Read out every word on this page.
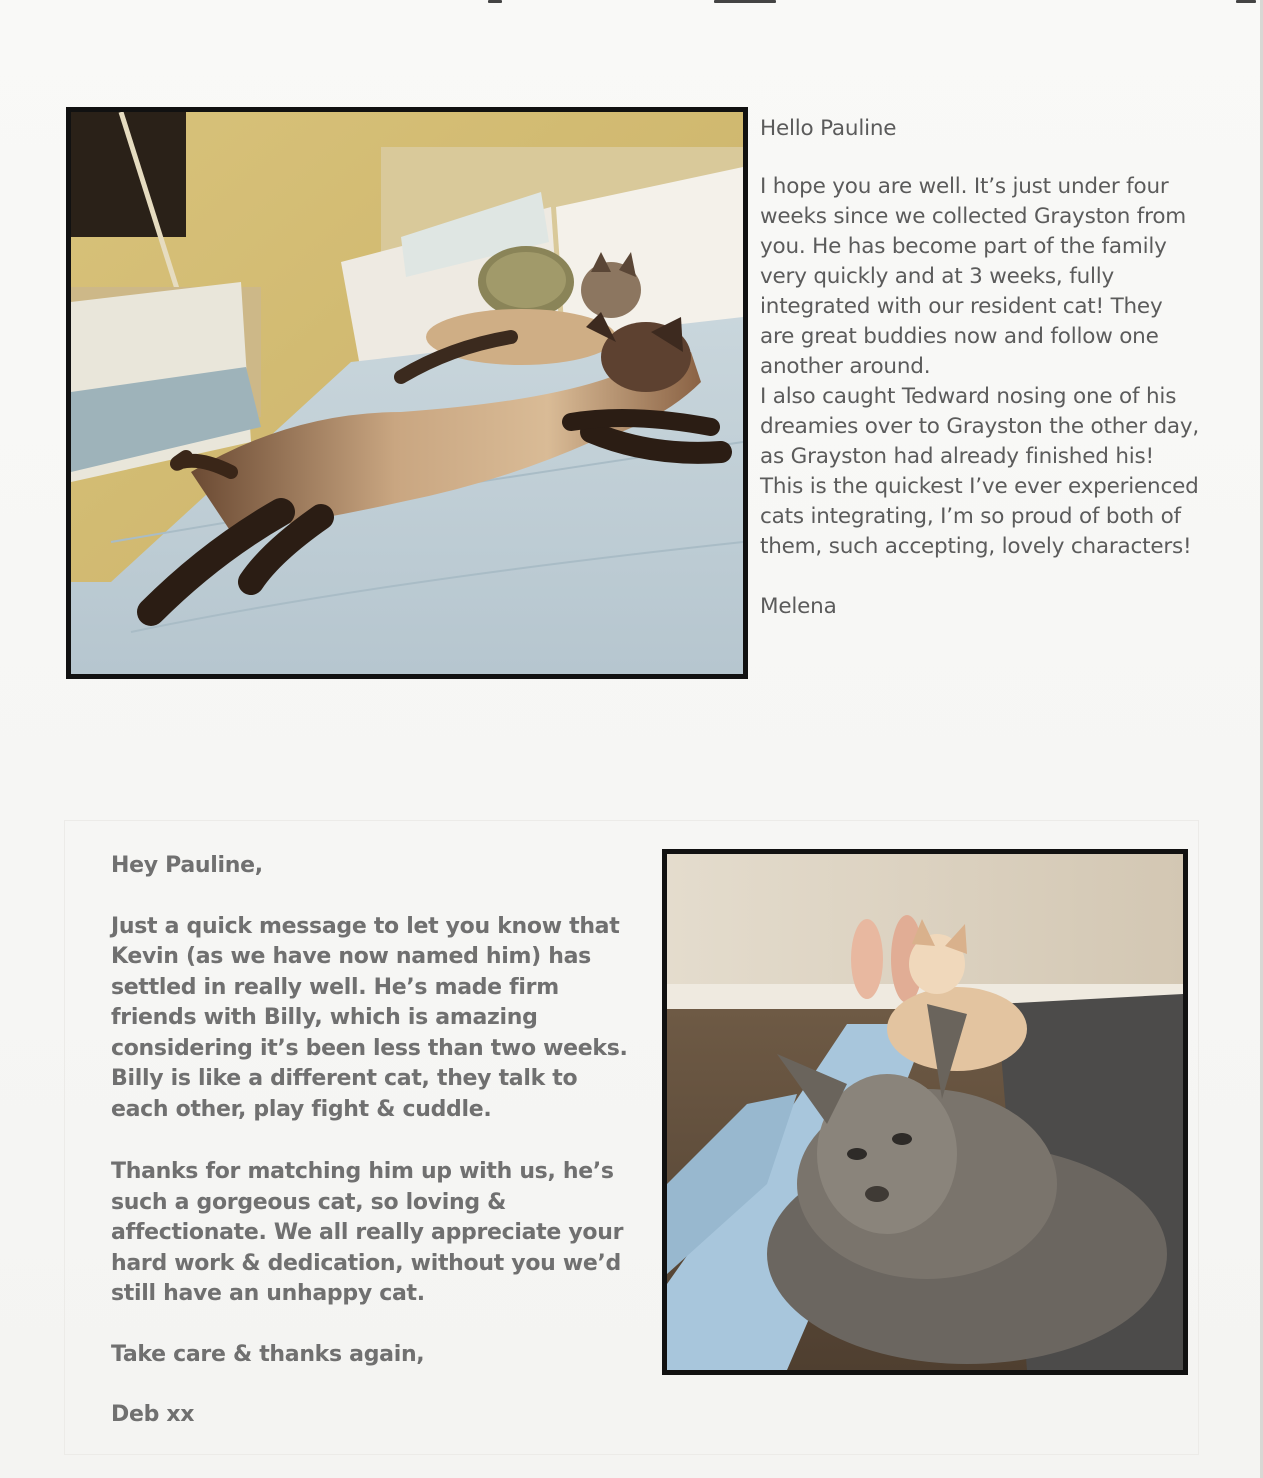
Hello Pauline

I hope you are well. It’s just under four weeks since we collected Grayston from you. He has become part of the family very quickly and at 3 weeks, fully integrated with our resident cat! They are great buddies now and follow one another around.

I also caught Tedward nosing one of his dreamies over to Grayston the other day, as Grayston had already finished his!

This is the quickest I’ve ever experienced cats integrating, I’m so proud of both of them, such accepting, lovely characters!

Melena

Hey Pauline,

Just a quick message to let you know that Kevin (as we have now named him) has settled in really well. He’s made firm friends with Billy, which is amazing considering it’s been less than two weeks. Billy is like a different cat, they talk to each other, play fight & cuddle.

Thanks for matching him up with us, he’s such a gorgeous cat, so loving & affectionate. We all really appreciate your hard work & dedication, without you we’d still have an unhappy cat.

Take care & thanks again,

Deb xx
